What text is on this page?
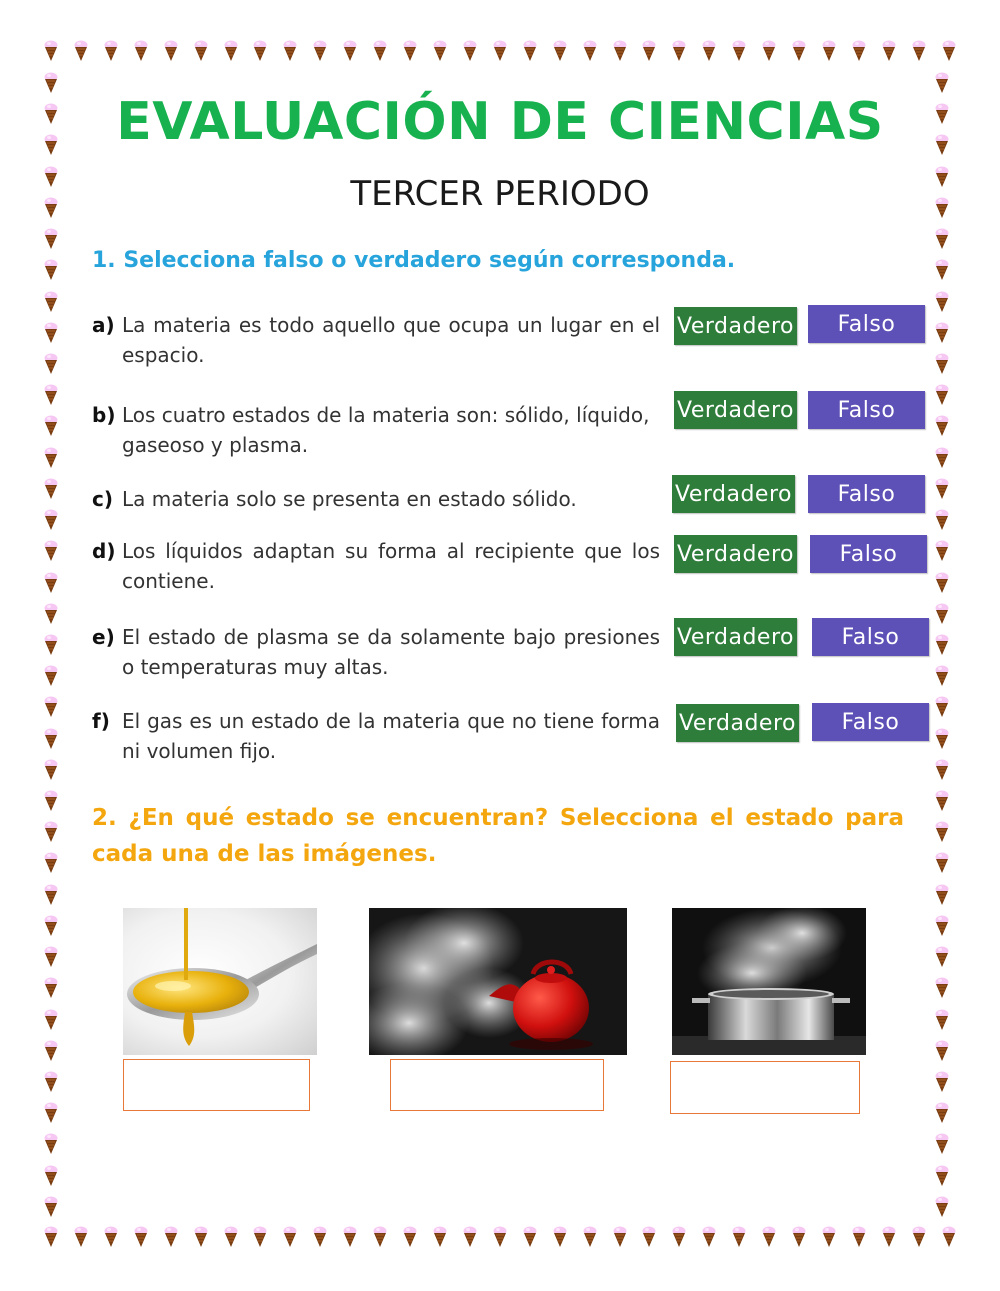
EVALUACIÓN DE CIENCIAS
TERCER PERIODO
1. Selecciona falso o verdadero según corresponda.
a) La materia es todo aquello que ocupa un lugar en el espacio.
Verdadero	Falso
b) Los cuatro estados de la materia son: sólido, líquido, gaseoso y plasma.
Verdadero	Falso
c) La materia solo se presenta en estado sólido.	Verdadero	Falso
d) Los líquidos adaptan su forma al recipiente que los contiene.
Verdadero	Falso
e) El estado de plasma se da solamente bajo presiones o temperaturas muy altas.
Verdadero	Falso
f) El gas es un estado de la materia que no tiene forma ni volumen fijo.
Verdadero	Falso
2. ¿En qué estado se encuentran? Selecciona el estado para cada una de las imágenes.
